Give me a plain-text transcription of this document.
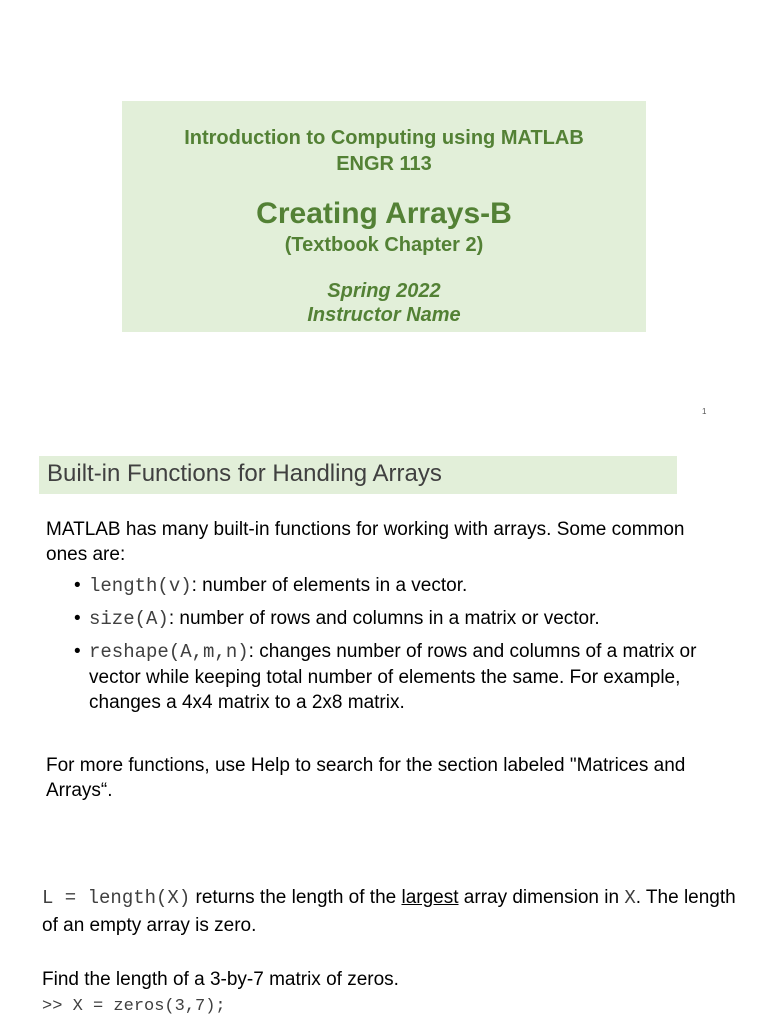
Introduction to Computing using MATLAB
ENGR 113
Creating Arrays-B
(Textbook Chapter 2)
Spring 2022
Instructor Name
1
Built-in Functions for Handling Arrays
MATLAB has many built-in functions for working with arrays. Some common ones are:
• length(v): number of elements in a vector.
• size(A): number of rows and columns in a matrix or vector.
• reshape(A,m,n): changes number of rows and columns of a matrix or vector while keeping total number of elements the same. For example, changes a 4x4 matrix to a 2x8 matrix.
For more functions, use Help to search for the section labeled "Matrices and Arrays“.
L = length(X) returns the length of the largest array dimension in X. The length of an empty array is zero.
Find the length of a 3-by-7 matrix of zeros.
>> X = zeros(3,7);
